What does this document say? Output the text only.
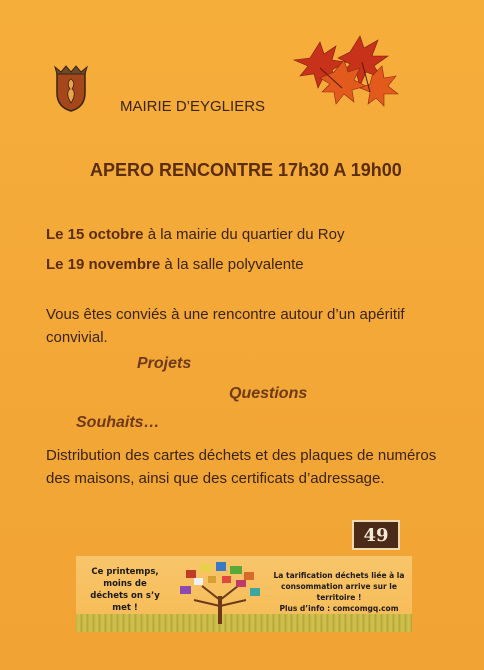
MAIRIE D’EYGLIERS
APERO RENCONTRE 17h30 A 19h00
Le 15 octobre à la mairie du quartier du Roy
Le 19 novembre à la salle polyvalente
Vous êtes conviés à une rencontre autour d’un apéritif convivial.
Projets
Questions
Souhaits…
Distribution des cartes déchets et des plaques de numéros des maisons, ainsi que des certificats d’adressage.
49
Ce printemps,
moins de
déchets on s’y
met !
La tarification déchets liée à la
consommation arrive sur le
territoire !
Plus d’info : comcomgq.com
